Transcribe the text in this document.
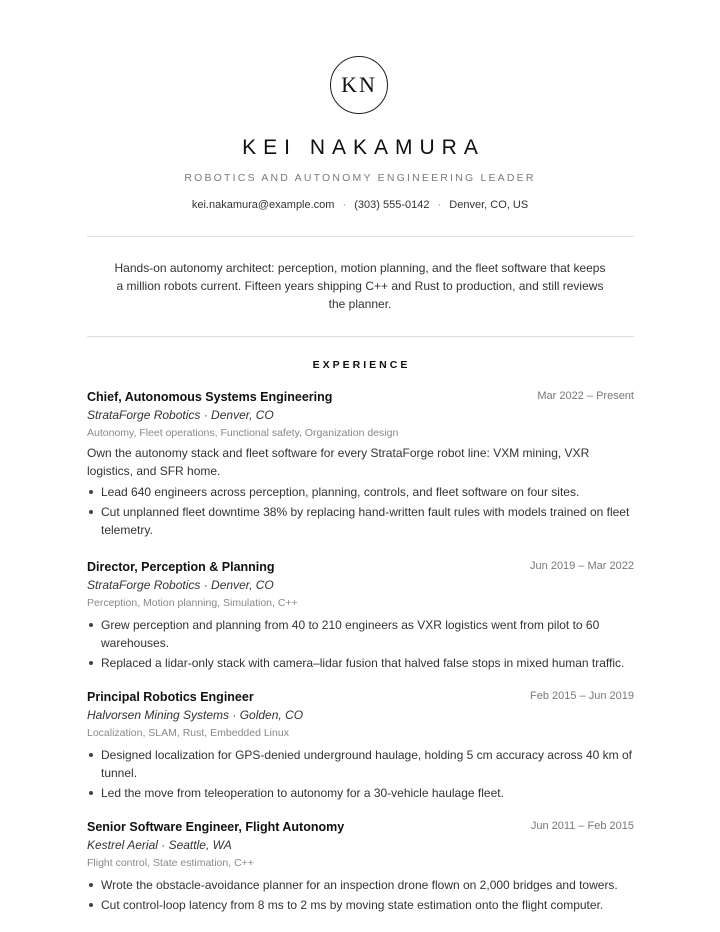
KN
KEI NAKAMURA
ROBOTICS AND AUTONOMY ENGINEERING LEADER
kei.nakamura@example.com · (303) 555-0142 · Denver, CO, US
Hands-on autonomy architect: perception, motion planning, and the fleet software that keeps a million robots current. Fifteen years shipping C++ and Rust to production, and still reviews the planner.
EXPERIENCE
Chief, Autonomous Systems Engineering	Mar 2022 – Present
StrataForge Robotics · Denver, CO
Autonomy, Fleet operations, Functional safety, Organization design
Own the autonomy stack and fleet software for every StrataForge robot line: VXM mining, VXR logistics, and SFR home.
Lead 640 engineers across perception, planning, controls, and fleet software on four sites.
Cut unplanned fleet downtime 38% by replacing hand-written fault rules with models trained on fleet telemetry.
Director, Perception & Planning	Jun 2019 – Mar 2022
StrataForge Robotics · Denver, CO
Perception, Motion planning, Simulation, C++
Grew perception and planning from 40 to 210 engineers as VXR logistics went from pilot to 60 warehouses.
Replaced a lidar-only stack with camera–lidar fusion that halved false stops in mixed human traffic.
Principal Robotics Engineer	Feb 2015 – Jun 2019
Halvorsen Mining Systems · Golden, CO
Localization, SLAM, Rust, Embedded Linux
Designed localization for GPS-denied underground haulage, holding 5 cm accuracy across 40 km of tunnel.
Led the move from teleoperation to autonomy for a 30-vehicle haulage fleet.
Senior Software Engineer, Flight Autonomy	Jun 2011 – Feb 2015
Kestrel Aerial · Seattle, WA
Flight control, State estimation, C++
Wrote the obstacle-avoidance planner for an inspection drone flown on 2,000 bridges and towers.
Cut control-loop latency from 8 ms to 2 ms by moving state estimation onto the flight computer.
